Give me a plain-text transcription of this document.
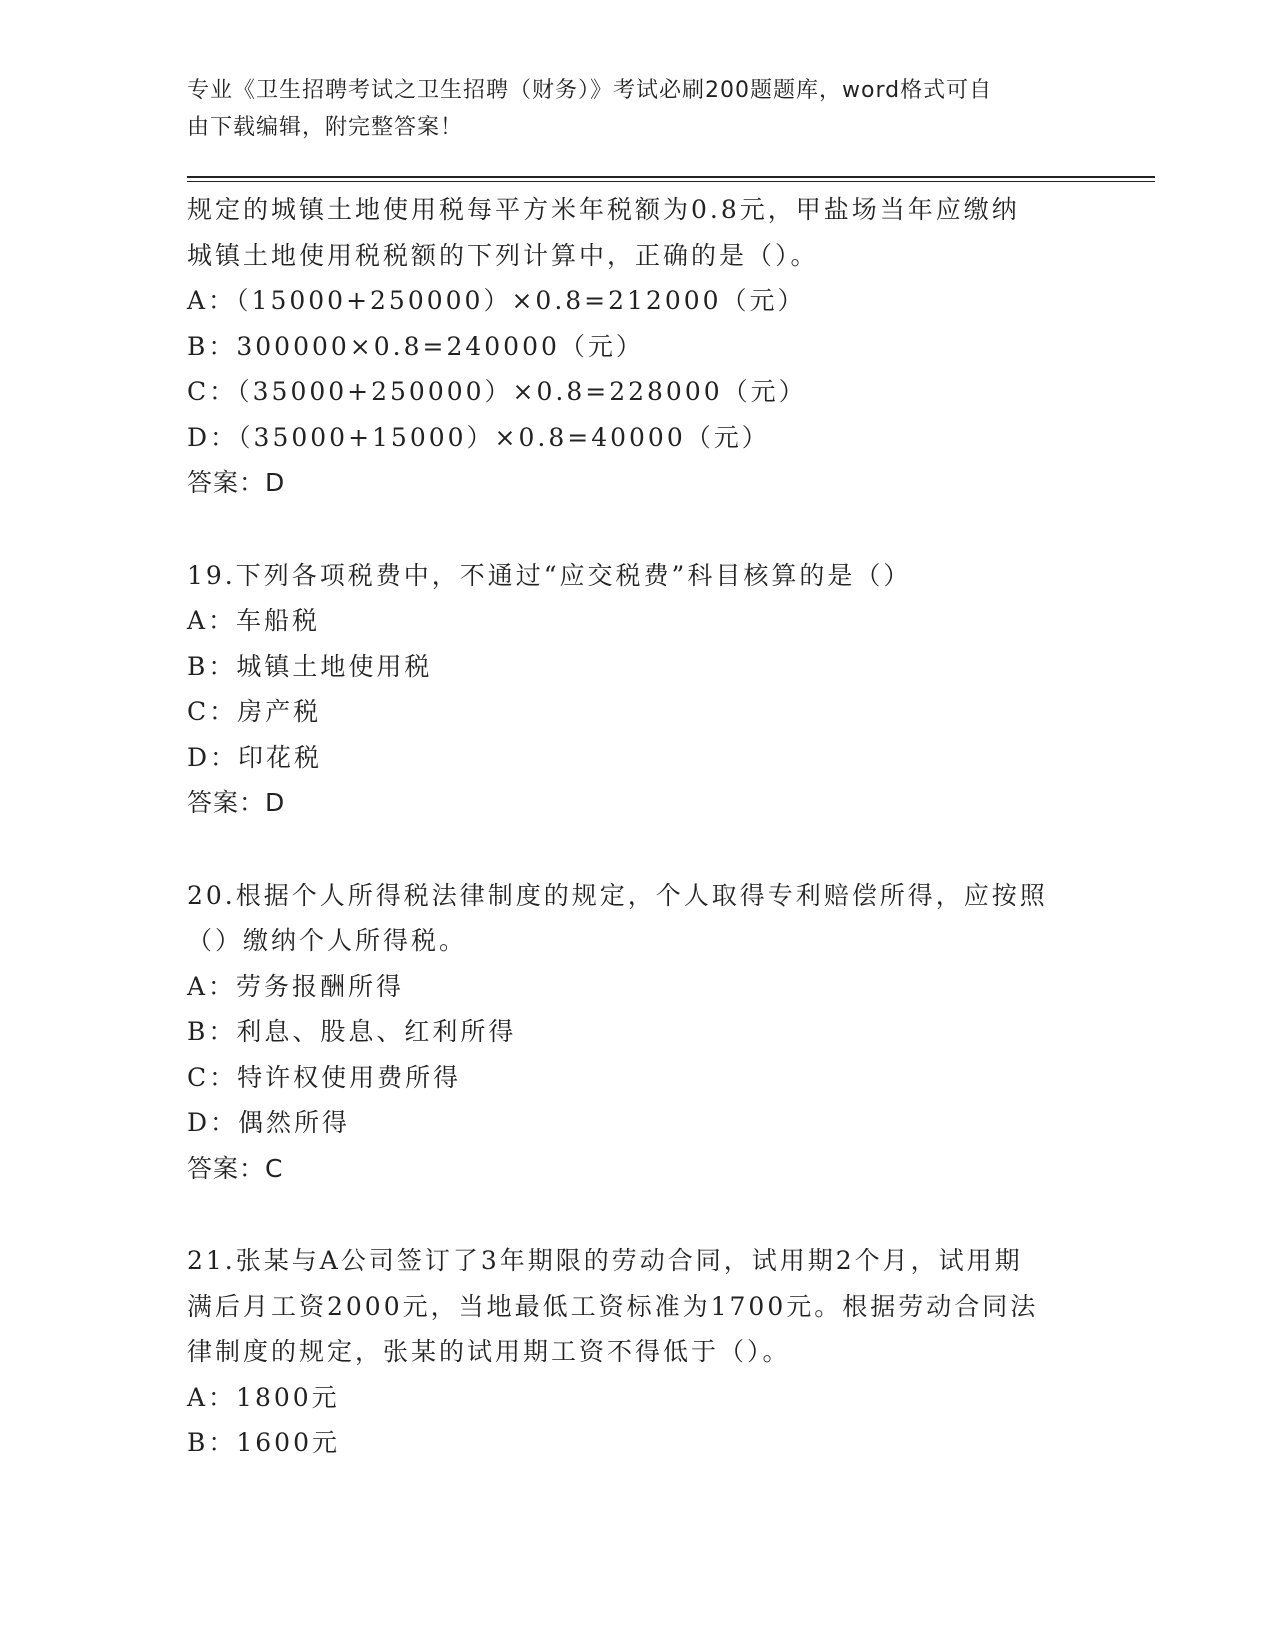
专业《卫生招聘考试之卫生招聘（财务）》考试必刷200题题库，word格式可自
由下载编辑，附完整答案！
规定的城镇土地使用税每平方米年税额为0.8元，甲盐场当年应缴纳
城镇土地使用税税额的下列计算中，正确的是（）。
A：（15000+250000）×0.8=212000（元）
B：300000×0.8=240000（元）
C：（35000+250000）×0.8=228000（元）
D：（35000+15000）×0.8=40000（元）
答案：D
19.下列各项税费中，不通过“应交税费”科目核算的是（）
A：车船税
B：城镇土地使用税
C：房产税
D：印花税
答案：D
20.根据个人所得税法律制度的规定，个人取得专利赔偿所得，应按照
（）缴纳个人所得税。
A：劳务报酬所得
B：利息、股息、红利所得
C：特许权使用费所得
D：偶然所得
答案：C
21.张某与A公司签订了3年期限的劳动合同，试用期2个月，试用期
满后月工资2000元，当地最低工资标准为1700元。根据劳动合同法
律制度的规定，张某的试用期工资不得低于（）。
A：1800元
B：1600元
